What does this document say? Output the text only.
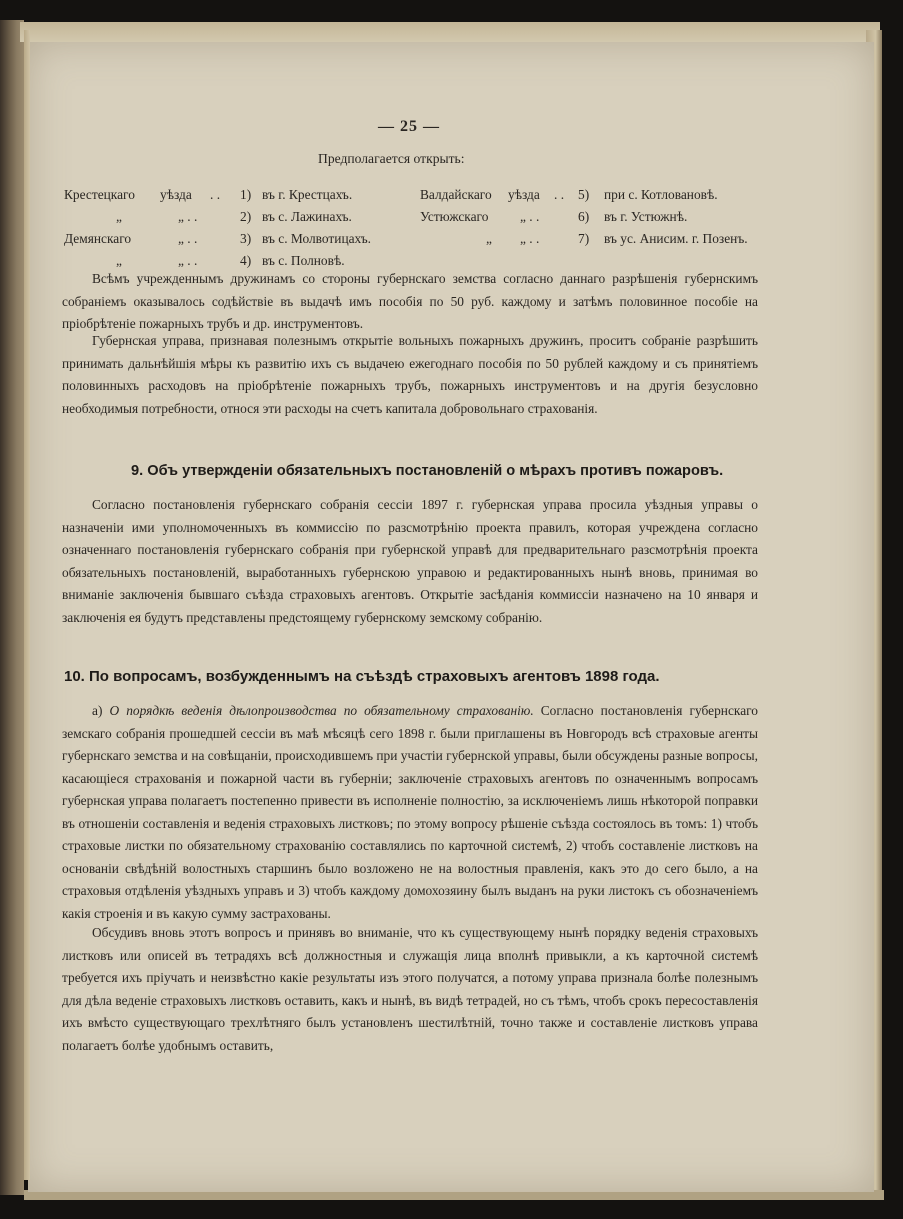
— 25 —
Предполагается открыть:
Крестецкаго уѣзда . . 1) въ г. Крестцахъ.
„	„ . .	2) въ с. Лажинахъ.
Демянскаго	„ . .	3) въ с. Молвотицахъ.
„	„ . .	4) въ с. Полновѣ.
Валдайскаго уѣзда . . 5) при с. Котловановѣ.
Устюжскаго „ . .	6) въ г. Устюжнѣ.
„ „ . .	7) въ ус. Анисим. г. Позенъ.

Всѣмъ учрежденнымъ дружинамъ со стороны губернскаго земства согласно даннаго разрѣшенія губернскимъ собраніемъ оказывалось содѣйствіе въ выдачѣ имъ пособія по 50 руб. каждому и затѣмъ половинное пособіе на пріобрѣтеніе пожарныхъ трубъ и др. инструментовъ.

Губернская управа, признавая полезнымъ открытіе вольныхъ пожарныхъ дружинъ, проситъ собраніе разрѣшить принимать дальнѣйшія мѣры къ развитію ихъ съ выдачею ежегоднаго пособія по 50 рублей каждому и съ принятіемъ половинныхъ расходовъ на пріобрѣтеніе пожарныхъ трубъ, пожарныхъ инструментовъ и на другія безусловно необходимыя потребности, относя эти расходы на счетъ капитала добровольнаго страхованія.

9. Объ утвержденіи обязательныхъ постановленій о мѣрахъ противъ пожаровъ.

Согласно постановленія губернскаго собранія сессіи 1897 г. губернская управа просила уѣздныя управы о назначеніи ими уполномоченныхъ въ коммиссію по разсмотрѣнію проекта правилъ, которая учреждена согласно означеннаго постановленія губернскаго собранія при губернской управѣ для предварительнаго разсмотрѣнія проекта обязательныхъ постановленій, выработанныхъ губернскою управою и редактированныхъ нынѣ вновь, принимая во вниманіе заключенія бывшаго съѣзда страховыхъ агентовъ. Открытіе засѣданія коммиссіи назначено на 10 января и заключенія ея будутъ представлены предстоящему губернскому земскому собранію.

10. По вопросамъ, возбужденнымъ на съѣздѣ страховыхъ агентовъ 1898 года.

а) О порядкѣ веденія дѣлопроизводства по обязательному страхованію. Согласно постановленія губернскаго земскаго собранія прошедшей сессіи въ маѣ мѣсяцѣ сего 1898 г. были приглашены въ Новгородъ всѣ страховые агенты губернскаго земства и на совѣщаніи, происходившемъ при участіи губернской управы, были обсуждены разные вопросы, касающіеся страхованія и пожарной части въ губерніи; заключеніе страховыхъ агентовъ по означеннымъ вопросамъ губернская управа полагаетъ постепенно привести въ исполненіе полностію, за исключеніемъ лишь нѣкоторой поправки въ отношеніи составленія и веденія страховыхъ листковъ; по этому вопросу рѣшеніе съѣзда состоялось въ томъ: 1) чтобъ страховые листки по обязательному страхованію составлялись по карточной системѣ, 2) чтобъ составленіе листковъ на основаніи свѣдѣній волостныхъ старшинъ было возложено не на волостныя правленія, какъ это до сего было, а на страховыя отдѣленія уѣздныхъ управъ и 3) чтобъ каждому домохозяину былъ выданъ на руки листокъ съ обозначеніемъ какія строенія и въ какую сумму застрахованы.

Обсудивъ вновь этотъ вопросъ и принявъ во вниманіе, что къ существующему нынѣ порядку веденія страховыхъ листковъ или описей въ тетрадяхъ всѣ должностныя и служащія лица вполнѣ привыкли, а къ карточной системѣ требуется ихъ пріучать и неизвѣстно какіе результаты изъ этого получатся, а потому управа признала болѣе полезнымъ для дѣла веденіе страховыхъ листковъ оставить, какъ и нынѣ, въ видѣ тетрадей, но съ тѣмъ, чтобъ срокъ пересоставленія ихъ вмѣсто существующаго трехлѣтняго былъ установленъ шестилѣтній, точно также и составленіе листковъ управа полагаетъ болѣе удобнымъ оставить,
